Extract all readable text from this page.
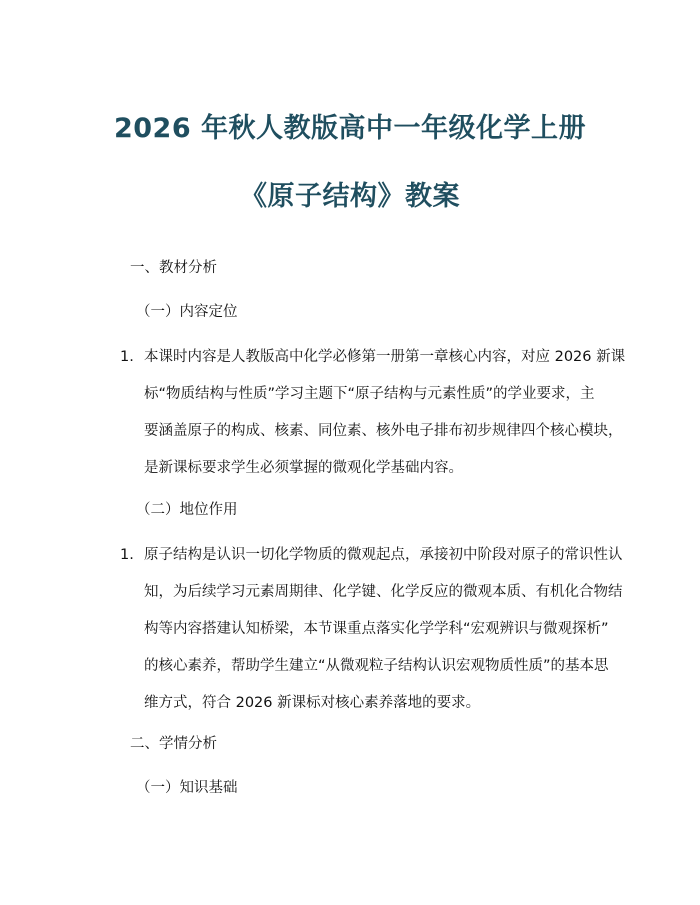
2026 年秋人教版高中一年级化学上册
《原子结构》教案
一、教材分析
（一）内容定位
1. 本课时内容是人教版高中化学必修第一册第一章核心内容，对应 2026 新课
标“物质结构与性质”学习主题下“原子结构与元素性质”的学业要求，主
要涵盖原子的构成、核素、同位素、核外电子排布初步规律四个核心模块，
是新课标要求学生必须掌握的微观化学基础内容。
（二）地位作用
1. 原子结构是认识一切化学物质的微观起点，承接初中阶段对原子的常识性认
知，为后续学习元素周期律、化学键、化学反应的微观本质、有机化合物结
构等内容搭建认知桥梁，本节课重点落实化学学科“宏观辨识与微观探析”
的核心素养，帮助学生建立“从微观粒子结构认识宏观物质性质”的基本思
维方式，符合 2026 新课标对核心素养落地的要求。
二、学情分析
（一）知识基础
